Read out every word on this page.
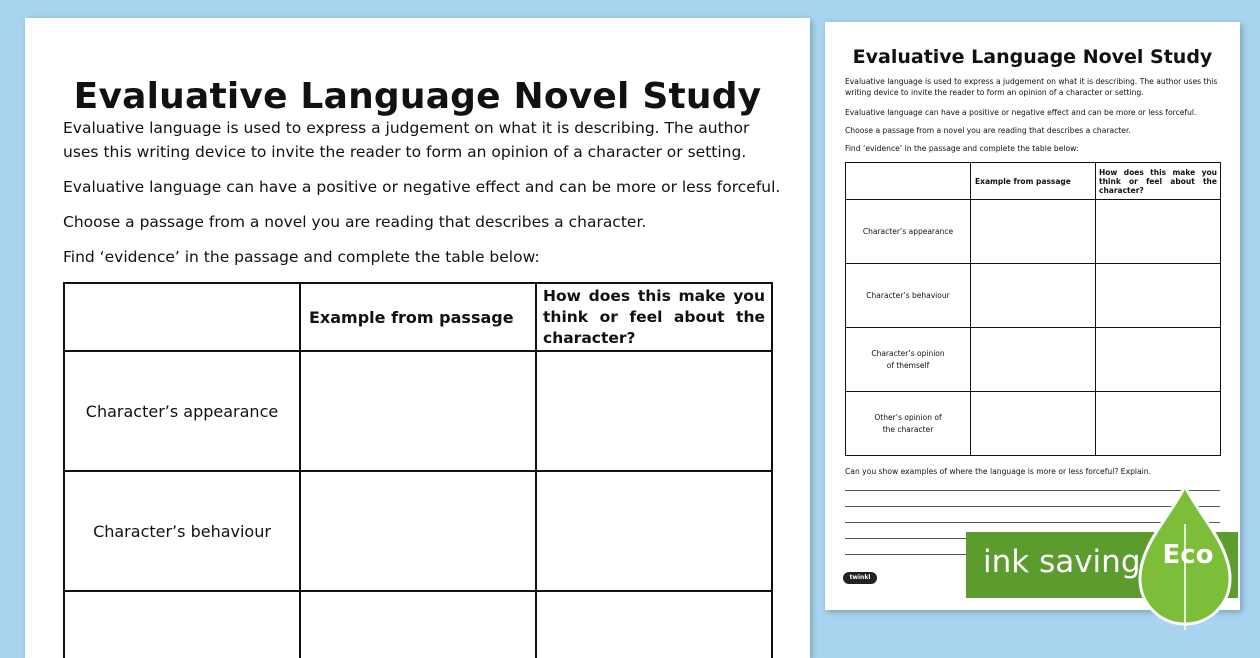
Evaluative Language Novel Study
Evaluative language is used to express a judgement on what it is describing. The author uses this writing device to invite the reader to form an opinion of a character or setting.
Evaluative language can have a positive or negative effect and can be more or less forceful.
Choose a passage from a novel you are reading that describes a character.
Find ‘evidence’ in the passage and complete the table below:
	Example from passage	How does this make you think or feel about the character?
Character’s appearance		
Character’s behaviour		

Evaluative Language Novel Study
Evaluative language is used to express a judgement on what it is describing. The author uses this writing device to invite the reader to form an opinion of a character or setting.
Evaluative language can have a positive or negative effect and can be more or less forceful.
Choose a passage from a novel you are reading that describes a character.
Find ‘evidence’ in the passage and complete the table below:
	Example from passage	How does this make you think or feel about the character?
Character’s appearance		
Character’s behaviour		
Character’s opinion of themself		
Other’s opinion of the character		
Can you show examples of where the language is more or less forceful? Explain.
twinkl	ink saving Eco
